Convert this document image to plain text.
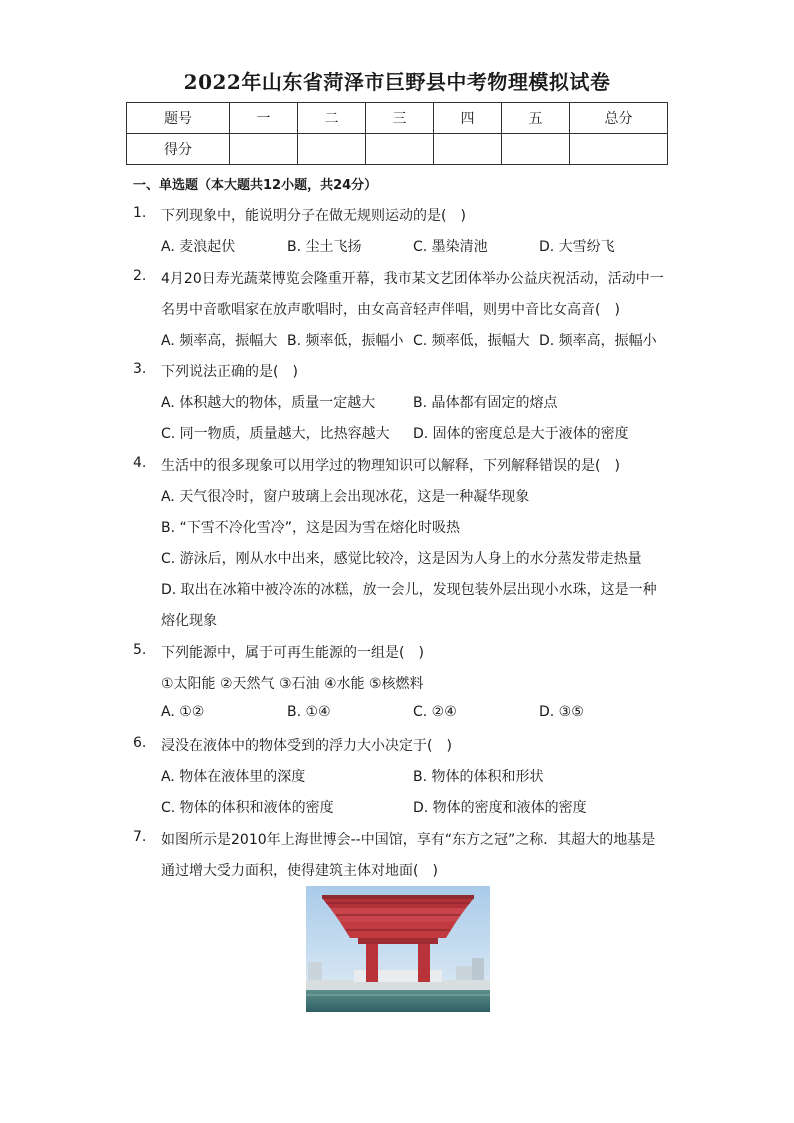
2022年山东省菏泽市巨野县中考物理模拟试卷
题号	一	二	三	四	五	总分
得分						
一、单选题（本大题共12小题，共24分）
1. 下列现象中，能说明分子在做无规则运动的是(　)
A. 麦浪起伏	B. 尘土飞扬	C. 墨染清池	D. 大雪纷飞
2. 4月20日寿光蔬菜博览会隆重开幕，我市某文艺团体举办公益庆祝活动，活动中一
名男中音歌唱家在放声歌唱时，由女高音轻声伴唱，则男中音比女高音(　)
A. 频率高，振幅大 B. 频率低，振幅小 C. 频率低，振幅大 D. 频率高，振幅小
3. 下列说法正确的是(　)
A. 体积越大的物体，质量一定越大	B. 晶体都有固定的熔点
C. 同一物质，质量越大，比热容越大 D. 固体的密度总是大于液体的密度
4. 生活中的很多现象可以用学过的物理知识可以解释，下列解释错误的是(　)
A. 天气很冷时，窗户玻璃上会出现冰花，这是一种凝华现象
B. “下雪不冷化雪冷”，这是因为雪在熔化时吸热
C. 游泳后，刚从水中出来，感觉比较冷，这是因为人身上的水分蒸发带走热量
D. 取出在冰箱中被冷冻的冰糕，放一会儿，发现包装外层出现小水珠，这是一种
熔化现象
5. 下列能源中，属于可再生能源的一组是(　)
①太阳能 ②天然气 ③石油 ④水能 ⑤核燃料
A. ①②	B. ①④	C. ②④	D. ③⑤
6. 浸没在液体中的物体受到的浮力大小决定于(　)
A. 物体在液体里的深度	B. 物体的体积和形状
C. 物体的体积和液体的密度	D. 物体的密度和液体的密度
7. 如图所示是2010年上海世博会--中国馆，享有“东方之冠”之称．其超大的地基是
通过增大受力面积，使得建筑主体对地面(　)
